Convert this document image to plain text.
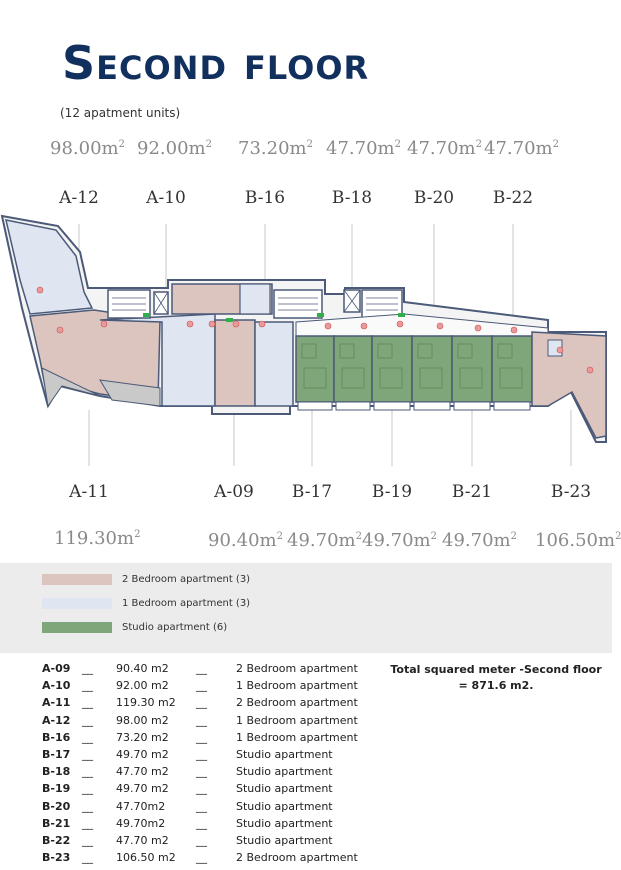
Second floor
(12 apatment units)
$98.00m^2$ $92.00m^2$ $73.20m^2$ $47.70m^2$ $47.70m^2$ $47.70m^2$
A-12	A-10	B-16	B-18	B-20	B-22
A-11	A-09	B-17	B-19	B-21	B-23
$119.30m^2$	$90.40m^2$ $49.70m^2$ $49.70m^2$ $49.70m^2$ $106.50m^2$
2 Bedroom apartment (3)
1 Bedroom apartment (3)
Studio apartment (6)
A-09	__	90.40 m2	__	2 Bedroom apartment
A-10	__	92.00 m2	__	1 Bedroom apartment
A-11	__	119.30 m2	__	2 Bedroom apartment
A-12	__	98.00 m2	__	1 Bedroom apartment
B-16	__	73.20 m2	__	1 Bedroom apartment
B-17	__	49.70 m2	__	Studio apartment
B-18	__	47.70 m2	__	Studio apartment
B-19	__	49.70 m2	__	Studio apartment
B-20	__	47.70m2	__	Studio apartment
B-21	__	49.70m2	__	Studio apartment
B-22	__	47.70 m2	__	Studio apartment
B-23	__	106.50 m2	__	2 Bedroom apartment
Total squared meter -Second floor
= 871.6 m2.
